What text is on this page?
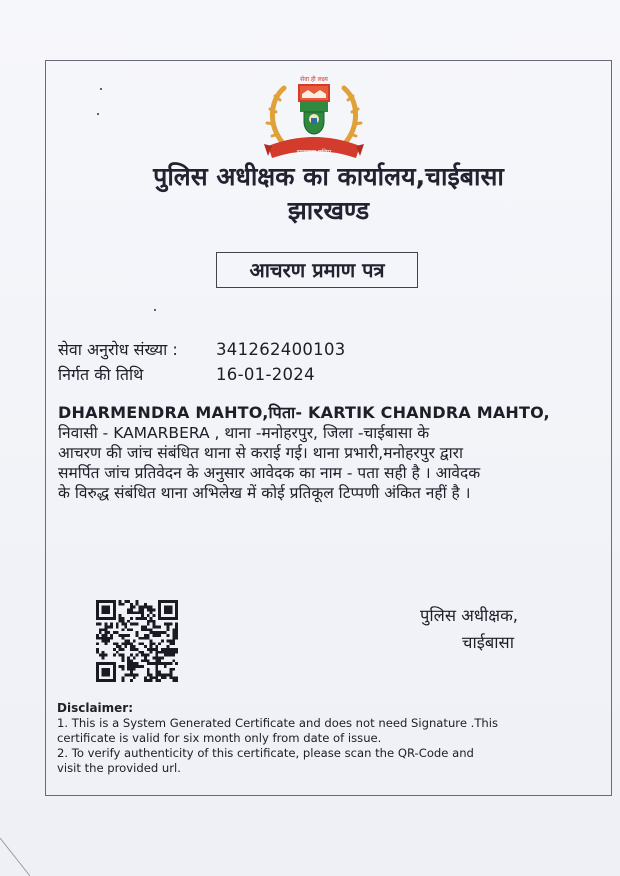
सेवा ही लक्ष्य
झारखण्ड पुलिस
पुलिस अधीक्षक का कार्यालय,चाईबासा
झारखण्ड
आचरण प्रमाण पत्र
सेवा अनुरोध संख्या : 341262400103
निर्गत की तिथि	16-01-2024
DHARMENDRA MAHTO,पिता- KARTIK CHANDRA MAHTO,
निवासी - KAMARBERA , थाना -मनोहरपुर, जिला -चाईबासा के
आचरण की जांच संबंधित थाना से कराई गई। थाना प्रभारी,मनोहरपुर द्वारा
समर्पित जांच प्रतिवेदन के अनुसार आवेदक का नाम - पता सही है । आवेदक
के विरुद्ध संबंधित थाना अभिलेख में कोई प्रतिकूल टिप्पणी अंकित नहीं है ।
पुलिस अधीक्षक,
चाईबासा
Disclaimer:
1. This is a System Generated Certificate and does not need Signature .This
certificate is valid for six month only from date of issue.
2. To verify authenticity of this certificate, please scan the QR-Code and
visit the provided url.
